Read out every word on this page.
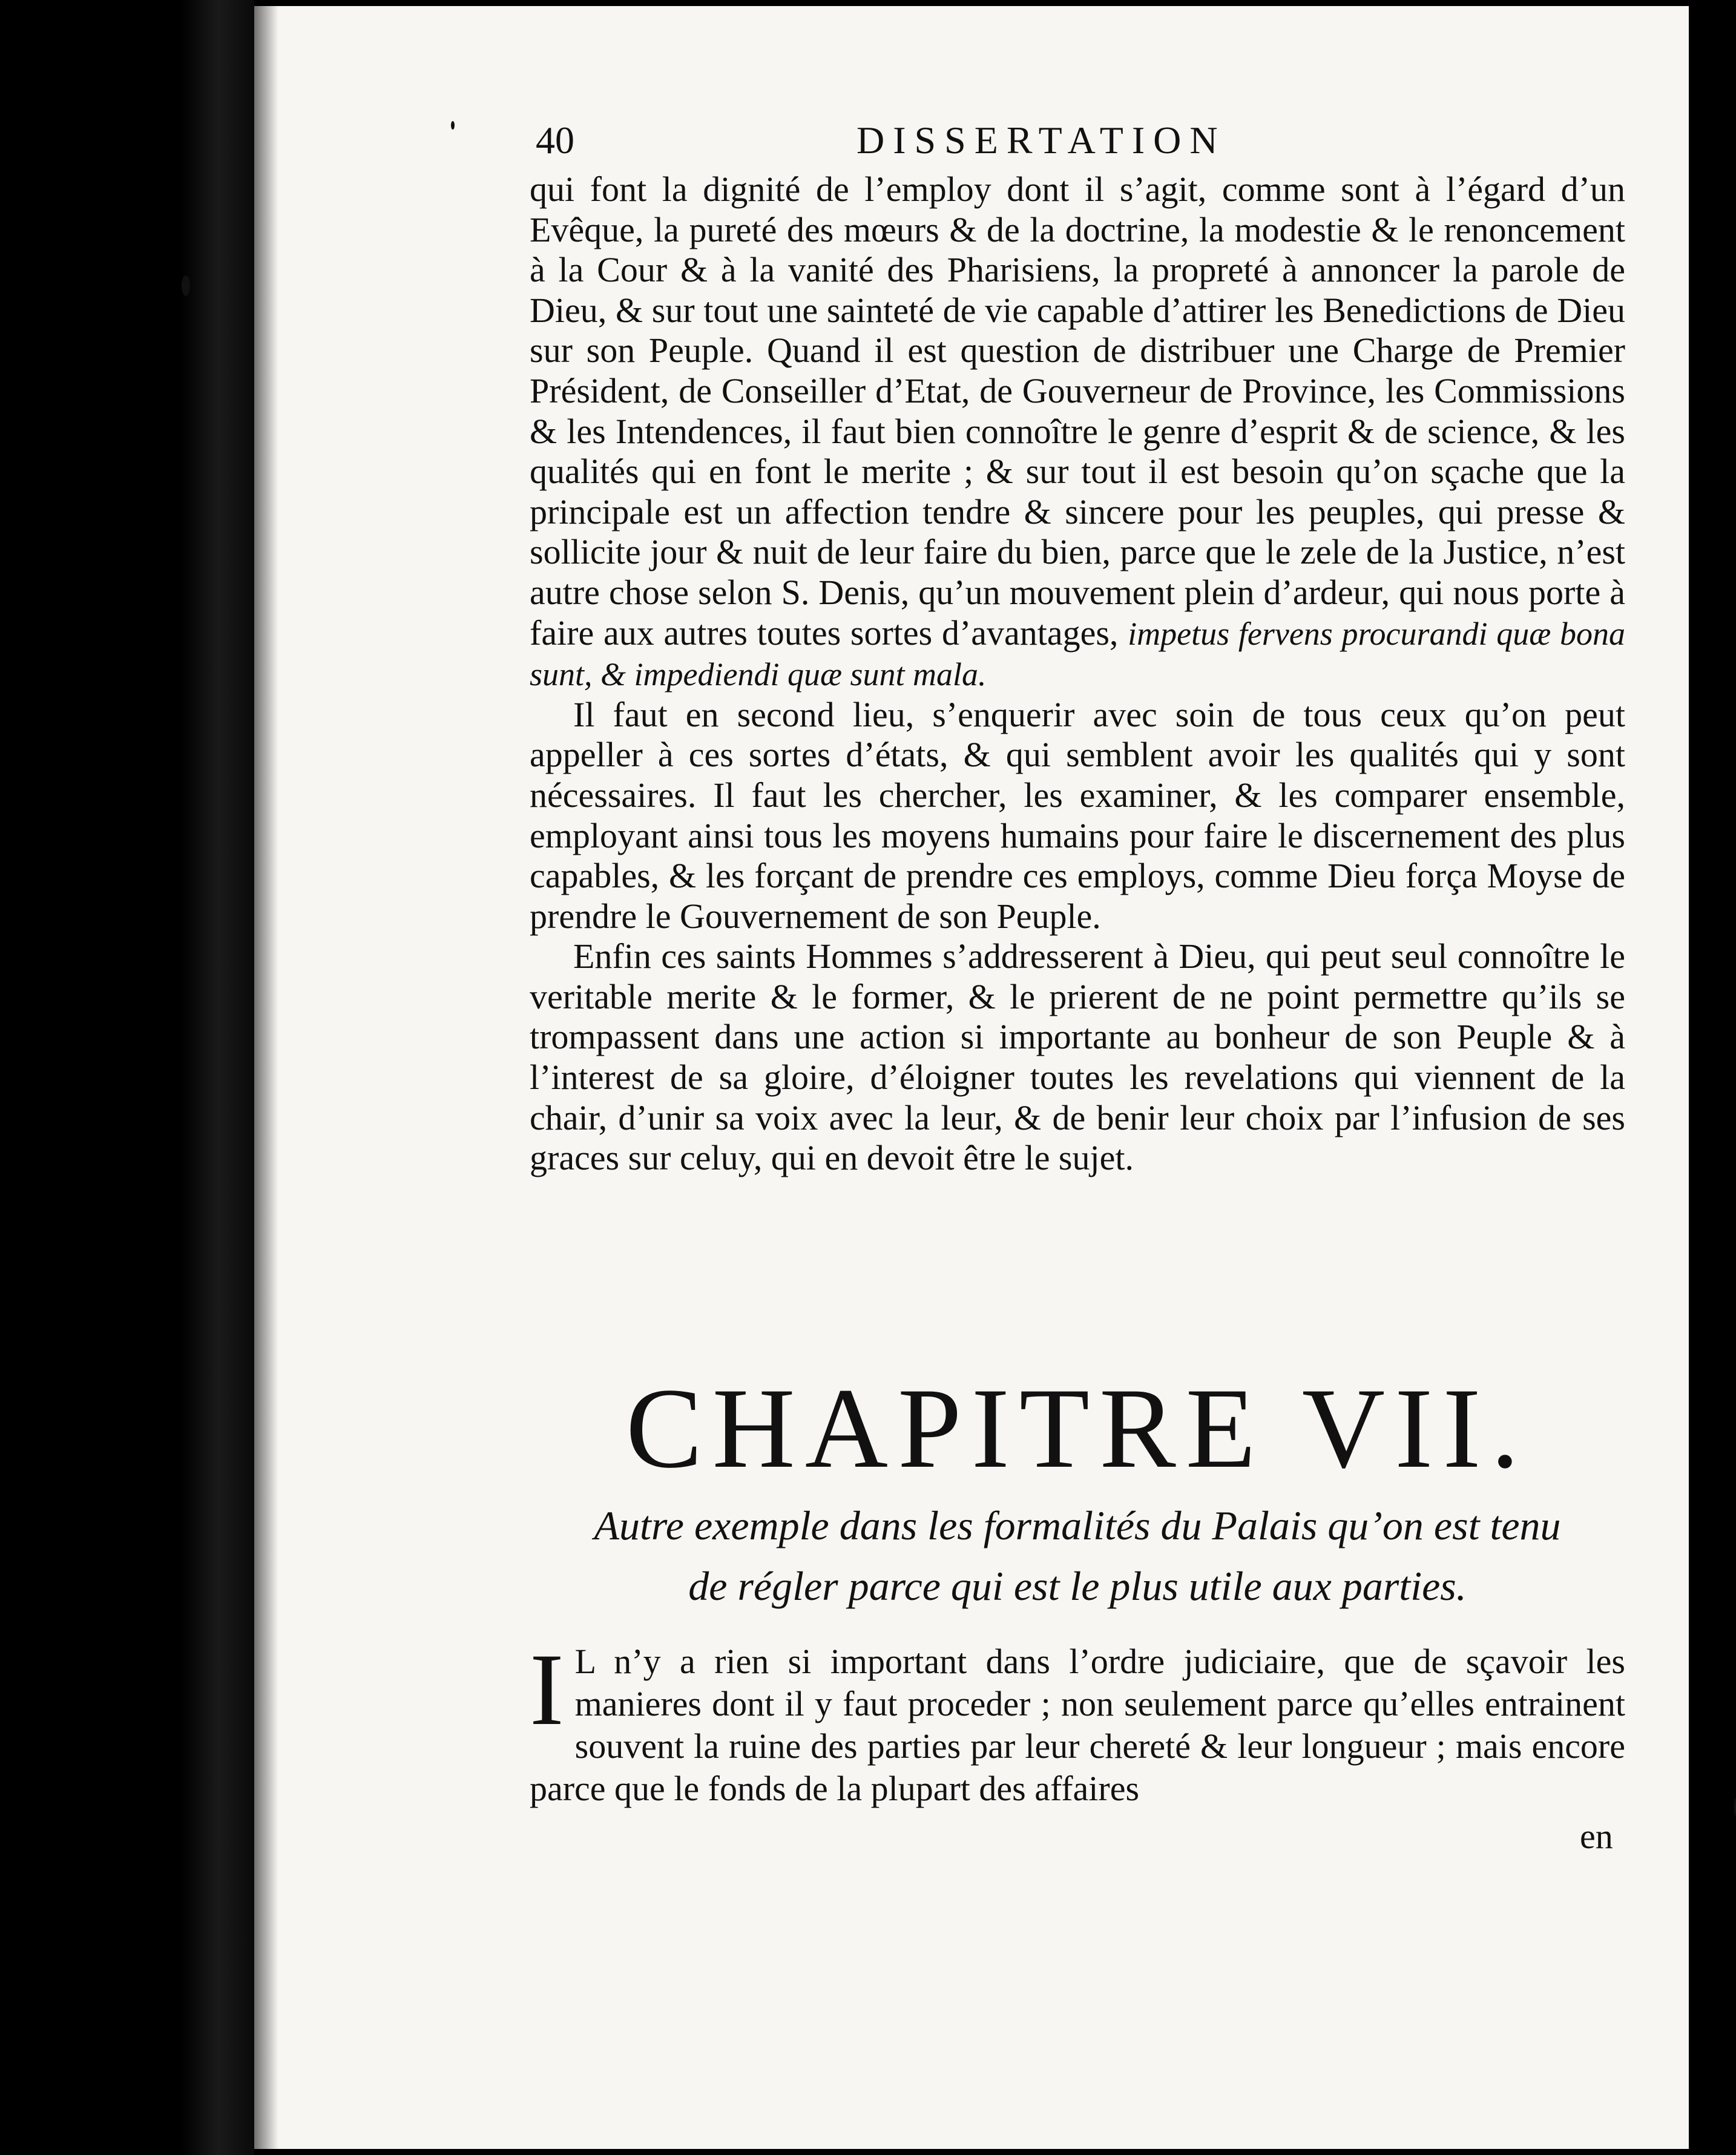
40	DISSERTATION

qui font la dignité de l’employ dont il s’agit, comme sont à l’égard d’un Evêque, la pureté des mœurs & de la doctrine, la modestie & le renoncement à la Cour & à la vanité des Pharisiens, la propreté à annoncer la parole de Dieu, & sur tout une sainteté de vie capable d’attirer les Benedictions de Dieu sur son Peuple. Quand il est question de distribuer une Charge de Premier Président, de Conseiller d’Etat, de Gouverneur de Province, les Commissions & les Intendences, il faut bien connoître le genre d’esprit & de science, & les qualités qui en font le merite ; & sur tout il est besoin qu’on sçache que la principale est un affection tendre & sincere pour les peuples, qui presse & sollicite jour & nuit de leur faire du bien, parce que le zele de la Justice, n’est autre chose selon S. Denis, qu’un mouvement plein d’ardeur, qui nous porte à faire aux autres toutes sortes d’avantages, impetus fervens procurandi quæ bona sunt, & impediendi quæ sunt mala.

Il faut en second lieu, s’enquerir avec soin de tous ceux qu’on peut appeller à ces sortes d’états, & qui semblent avoir les qualités qui y sont nécessaires. Il faut les chercher, les examiner, & les comparer ensemble, employant ainsi tous les moyens humains pour faire le discernement des plus capables, & les forçant de prendre ces employs, comme Dieu força Moyse de prendre le Gouvernement de son Peuple.

Enfin ces saints Hommes s’addresserent à Dieu, qui peut seul connoître le veritable merite & le former, & le prierent de ne point permettre qu’ils se trompassent dans une action si importante au bonheur de son Peuple & à l’interest de sa gloire, d’éloigner toutes les revelations qui viennent de la chair, d’unir sa voix avec la leur, & de benir leur choix par l’infusion de ses graces sur celuy, qui en devoit être le sujet.

CHAPITRE VII.
Autre exemple dans les formalités du Palais qu’on est tenu
de régler parce qui est le plus utile aux parties.
I L n’y a rien si important dans l’ordre judiciaire, que de sçavoir les manieres dont il y faut proceder ; non seulement parce qu’elles entrainent souvent la ruine des parties par leur chereté & leur longueur ; mais encore parce que le fonds de la plupart des affaires
en
